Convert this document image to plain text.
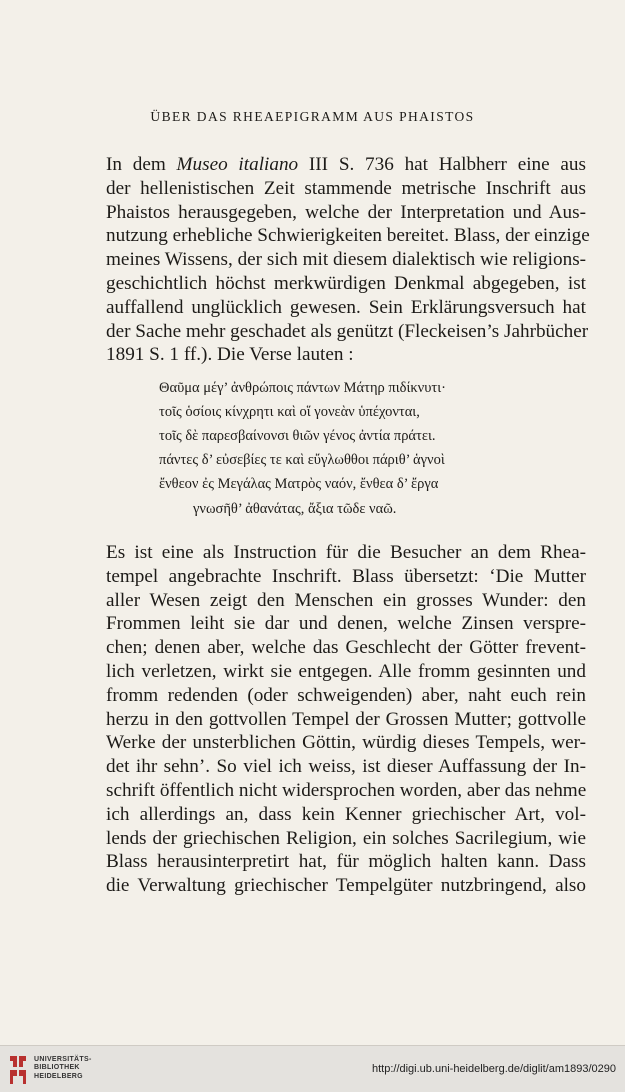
ÜBER DAS RHEAEPIGRAMM AUS PHAISTOS
In dem Museo italiano III S. 736 hat Halbherr eine aus
der hellenistischen Zeit stammende metrische Inschrift aus
Phaistos herausgegeben, welche der Interpretation und Aus-
nutzung erhebliche Schwierigkeiten bereitet. Blass, der einzige
meines Wissens, der sich mit diesem dialektisch wie religions-
geschichtlich höchst merkwürdigen Denkmal abgegeben, ist
auffallend unglücklich gewesen. Sein Erklärungsversuch hat
der Sache mehr geschadet als genützt (Fleckeisen’s Jahrbücher
1891 S. 1 ff.). Die Verse lauten :
Θαῦμα μέγ’ ἀνθρώποις πάντων Μάτηρ πιδίκνυτι·
τοῖς ὁσίοις κίνχρητι καὶ οἵ γονεὰν ὑπέχονται,
τοῖς δὲ παρεσβαίνονσι θιῶν γένος ἀντία πράτει.
πάντες δ’ εὐσεβίες τε καὶ εὔγλωθθοι πάριθ’ ἁγνοὶ
ἔνθεον ἐς Μεγάλας Ματρὸς ναόν, ἔνθεα δ’ ἔργα
γνωσῆθ’ ἀθανάτας, ἄξια τῶδε ναῶ.
Es ist eine als Instruction für die Besucher an dem Rhea-
tempel angebrachte Inschrift. Blass übersetzt: ‘Die Mutter
aller Wesen zeigt den Menschen ein grosses Wunder: den
Frommen leiht sie dar und denen, welche Zinsen verspre-
chen; denen aber, welche das Geschlecht der Götter frevent-
lich verletzen, wirkt sie entgegen. Alle fromm gesinnten und
fromm redenden (oder schweigenden) aber, naht euch rein
herzu in den gottvollen Tempel der Grossen Mutter; gottvolle
Werke der unsterblichen Göttin, würdig dieses Tempels, wer-
det ihr sehn’. So viel ich weiss, ist dieser Auffassung der In-
schrift öffentlich nicht widersprochen worden, aber das nehme
ich allerdings an, dass kein Kenner griechischer Art, vol-
lends der griechischen Religion, ein solches Sacrilegium, wie
Blass herausinterpretirt hat, für möglich halten kann. Dass
die Verwaltung griechischer Tempelgüter nutzbringend, also
UNIVERSITÄTS-
BIBLIOTHEK
HEIDELBERG
http://digi.ub.uni-heidelberg.de/diglit/am1893/0290
